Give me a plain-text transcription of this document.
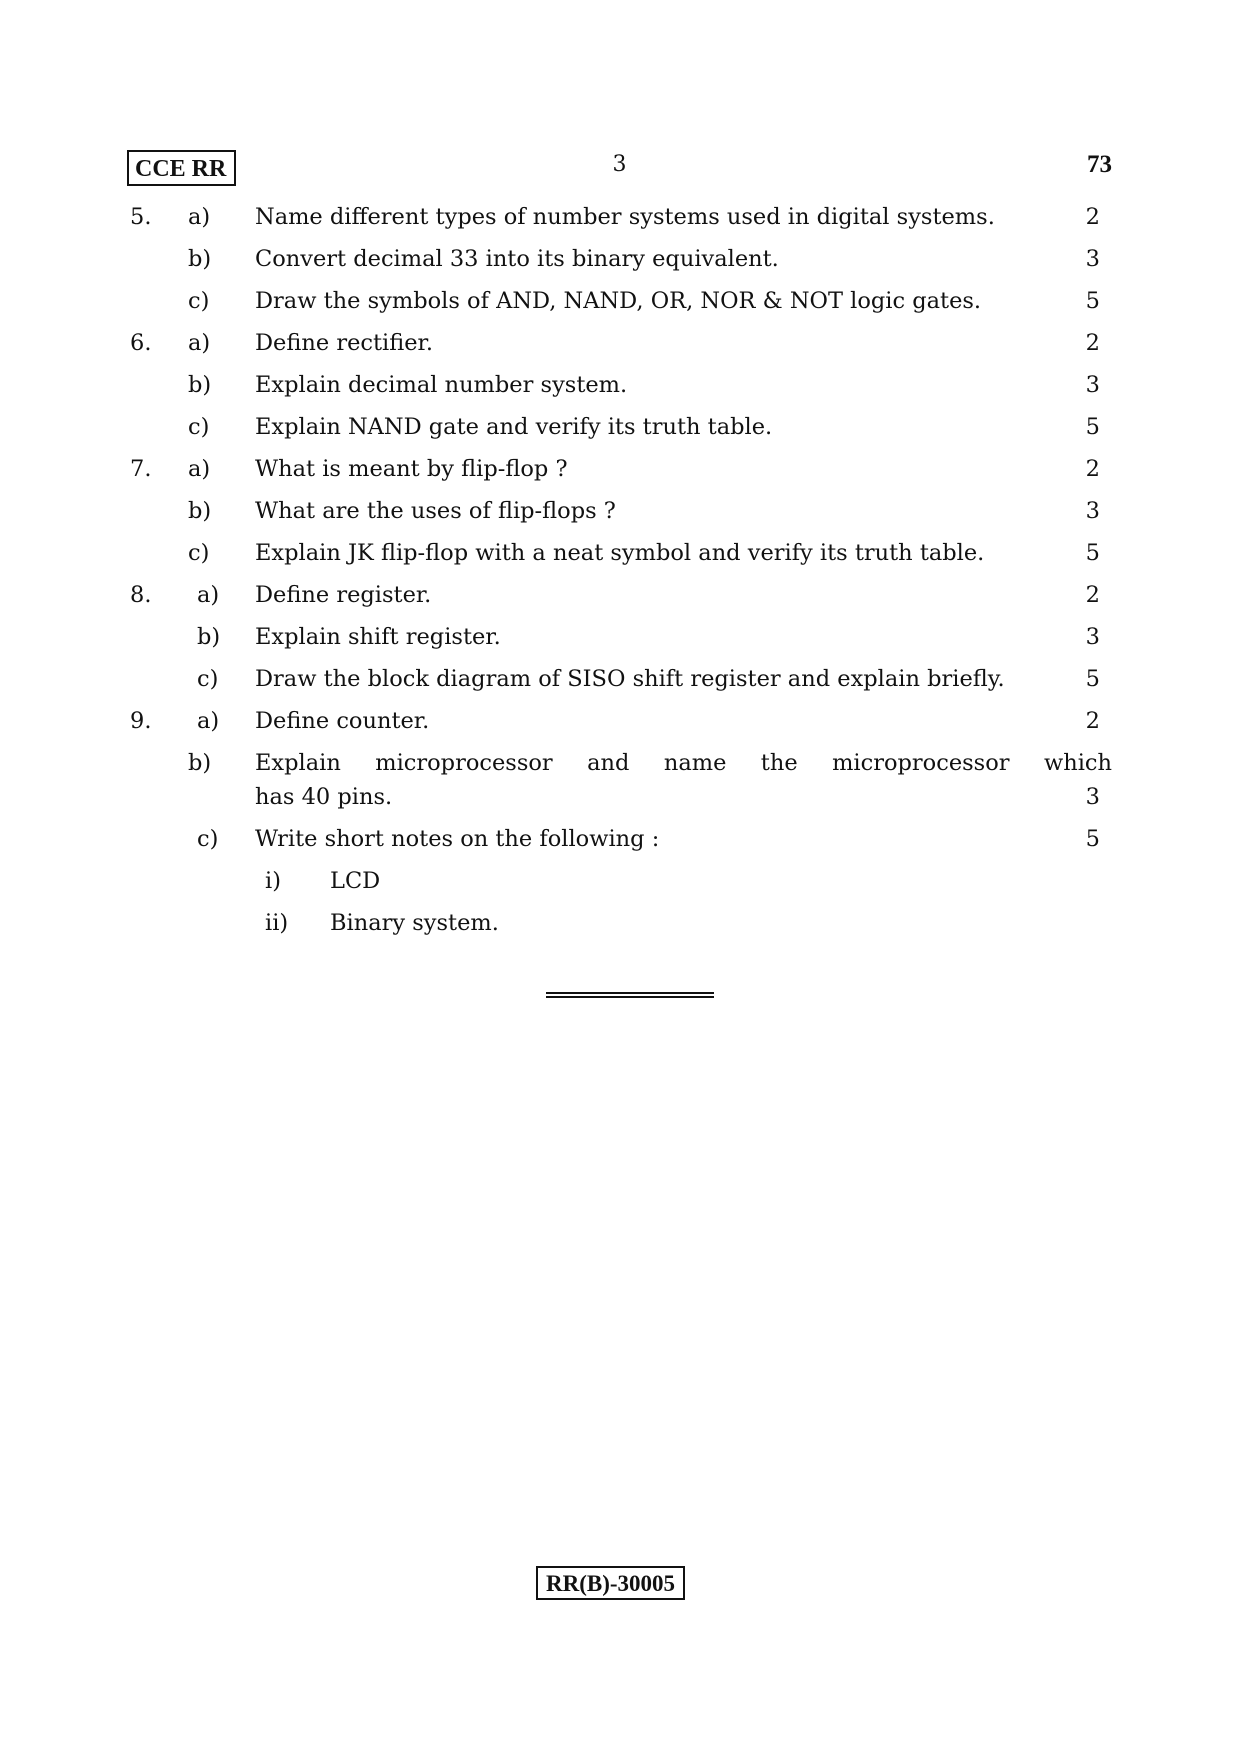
CCE RR	3	73
5. a) Name different types of number systems used in digital systems.	2
b) Convert decimal 33 into its binary equivalent.	3
c) Draw the symbols of AND, NAND, OR, NOR & NOT logic gates.	5
6. a) Define rectifier.	2
b) Explain decimal number system.	3
c) Explain NAND gate and verify its truth table.	5
7. a) What is meant by flip-flop ?	2
b) What are the uses of flip-flops ?	3
c) Explain JK flip-flop with a neat symbol and verify its truth table.	5
8. a) Define register.	2
b) Explain shift register.	3
c) Draw the block diagram of SISO shift register and explain briefly.	5
9. a) Define counter.	2
b) Explain microprocessor and name the microprocessor which
has 40 pins.	3
c) Write short notes on the following :	5
i) LCD
ii) Binary system.
RR(B)-30005
